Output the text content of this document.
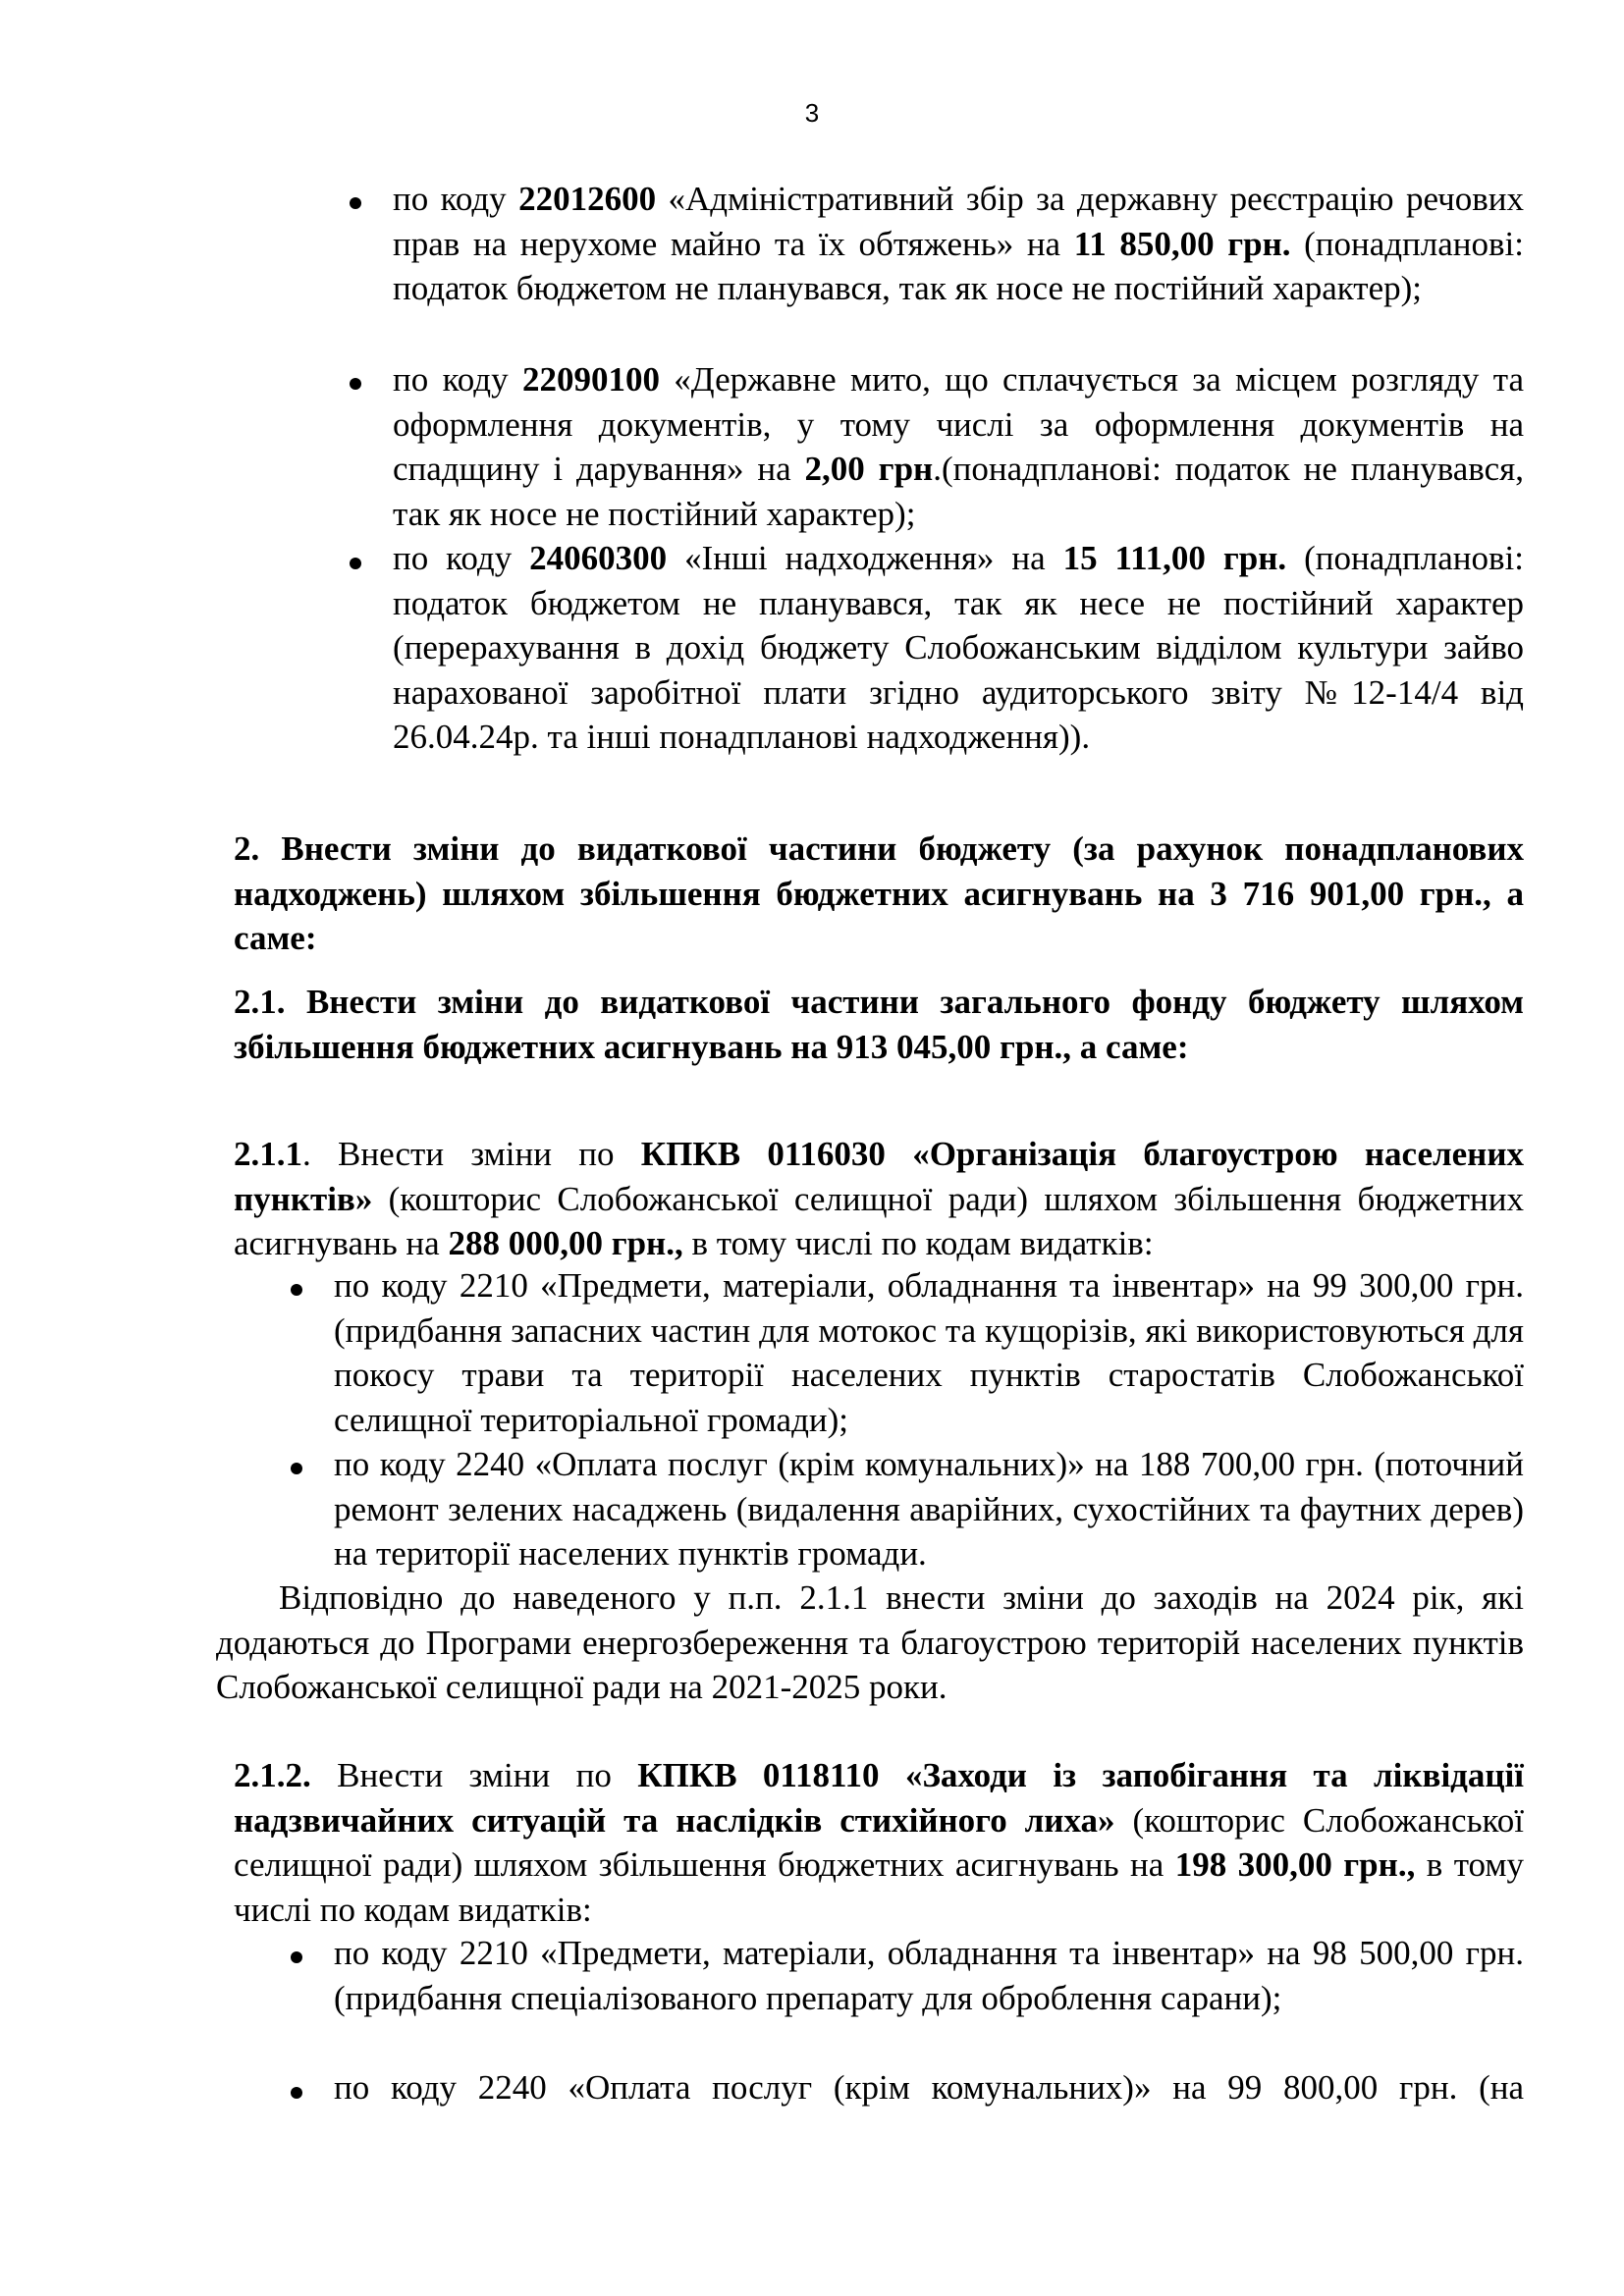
3

по коду 22012600 «Адміністративний збір за державну реєстрацію речових прав на нерухоме майно та їх обтяжень» на 11 850,00 грн. (понадпланові: податок бюджетом не планувався, так як носе не постійний характер);

по коду 22090100 «Державне мито, що сплачується за місцем розгляду та оформлення документів, у тому числі за оформлення документів на спадщину і дарування» на 2,00 грн.(понадпланові: податок не планувався, так як носе не постійний характер);

по коду 24060300 «Інші надходження» на 15 111,00 грн. (понадпланові: податок бюджетом не планувався, так як несе не постійний характер (перерахування в дохід бюджету Слобожанським відділом культури зайво нарахованої заробітної плати згідно аудиторського звіту №12-14/4 від 26.04.24р. та інші понадпланові надходження)).

2. Внести зміни до видаткової частини бюджету (за рахунок понадпланових надходжень) шляхом збільшення бюджетних асигнувань на 3 716 901,00 грн., а саме:

2.1. Внести зміни до видаткової частини загального фонду бюджету шляхом збільшення бюджетних асигнувань на 913 045,00 грн., а саме:

2.1.1. Внести зміни по КПКВ 0116030 «Організація благоустрою населених пунктів» (кошторис Слобожанської селищної ради) шляхом збільшення бюджетних асигнувань на 288 000,00 грн., в тому числі по кодам видатків:

по коду 2210 «Предмети, матеріали, обладнання та інвентар» на 99 300,00 грн. (придбання запасних частин для мотокос та кущорізів, які використовуються для покосу трави та території населених пунктів старостатів Слобожанської селищної територіальної громади);

по коду 2240 «Оплата послуг (крім комунальних)» на 188 700,00 грн. (поточний ремонт зелених насаджень (видалення аварійних, сухостійних та фаутних дерев) на території населених пунктів громади.

Відповідно до наведеного у п.п. 2.1.1 внести зміни до заходів на 2024 рік, які додаються до Програми енергозбереження та благоустрою територій населених пунктів Слобожанської селищної ради на 2021-2025 роки.

2.1.2. Внести зміни по КПКВ 0118110 «Заходи із запобігання та ліквідації надзвичайних ситуацій та наслідків стихійного лиха» (кошторис Слобожанської селищної ради) шляхом збільшення бюджетних асигнувань на 198 300,00 грн., в тому числі по кодам видатків:

по коду 2210 «Предмети, матеріали, обладнання та інвентар» на 98 500,00 грн. (придбання спеціалізованого препарату для оброблення сарани);

по коду 2240 «Оплата послуг (крім комунальних)» на 99 800,00 грн. (на
